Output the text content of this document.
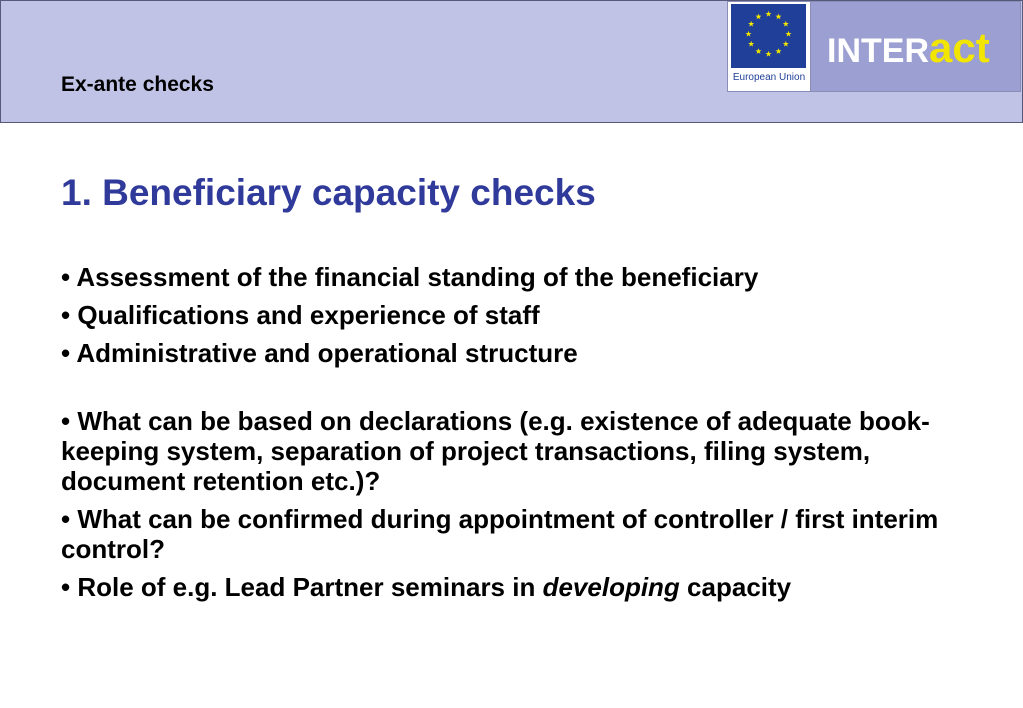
Ex-ante checks	European Union
INTERact
1. Beneficiary capacity checks
• Assessment of the financial standing of the beneficiary
• Qualifications and experience of staff
• Administrative and operational structure
• What can be based on declarations (e.g. existence of adequate book-keeping system, separation of project transactions, filing system, document retention etc.)?
• What can be confirmed during appointment of controller / first interim control?
• Role of e.g. Lead Partner seminars in developing capacity
